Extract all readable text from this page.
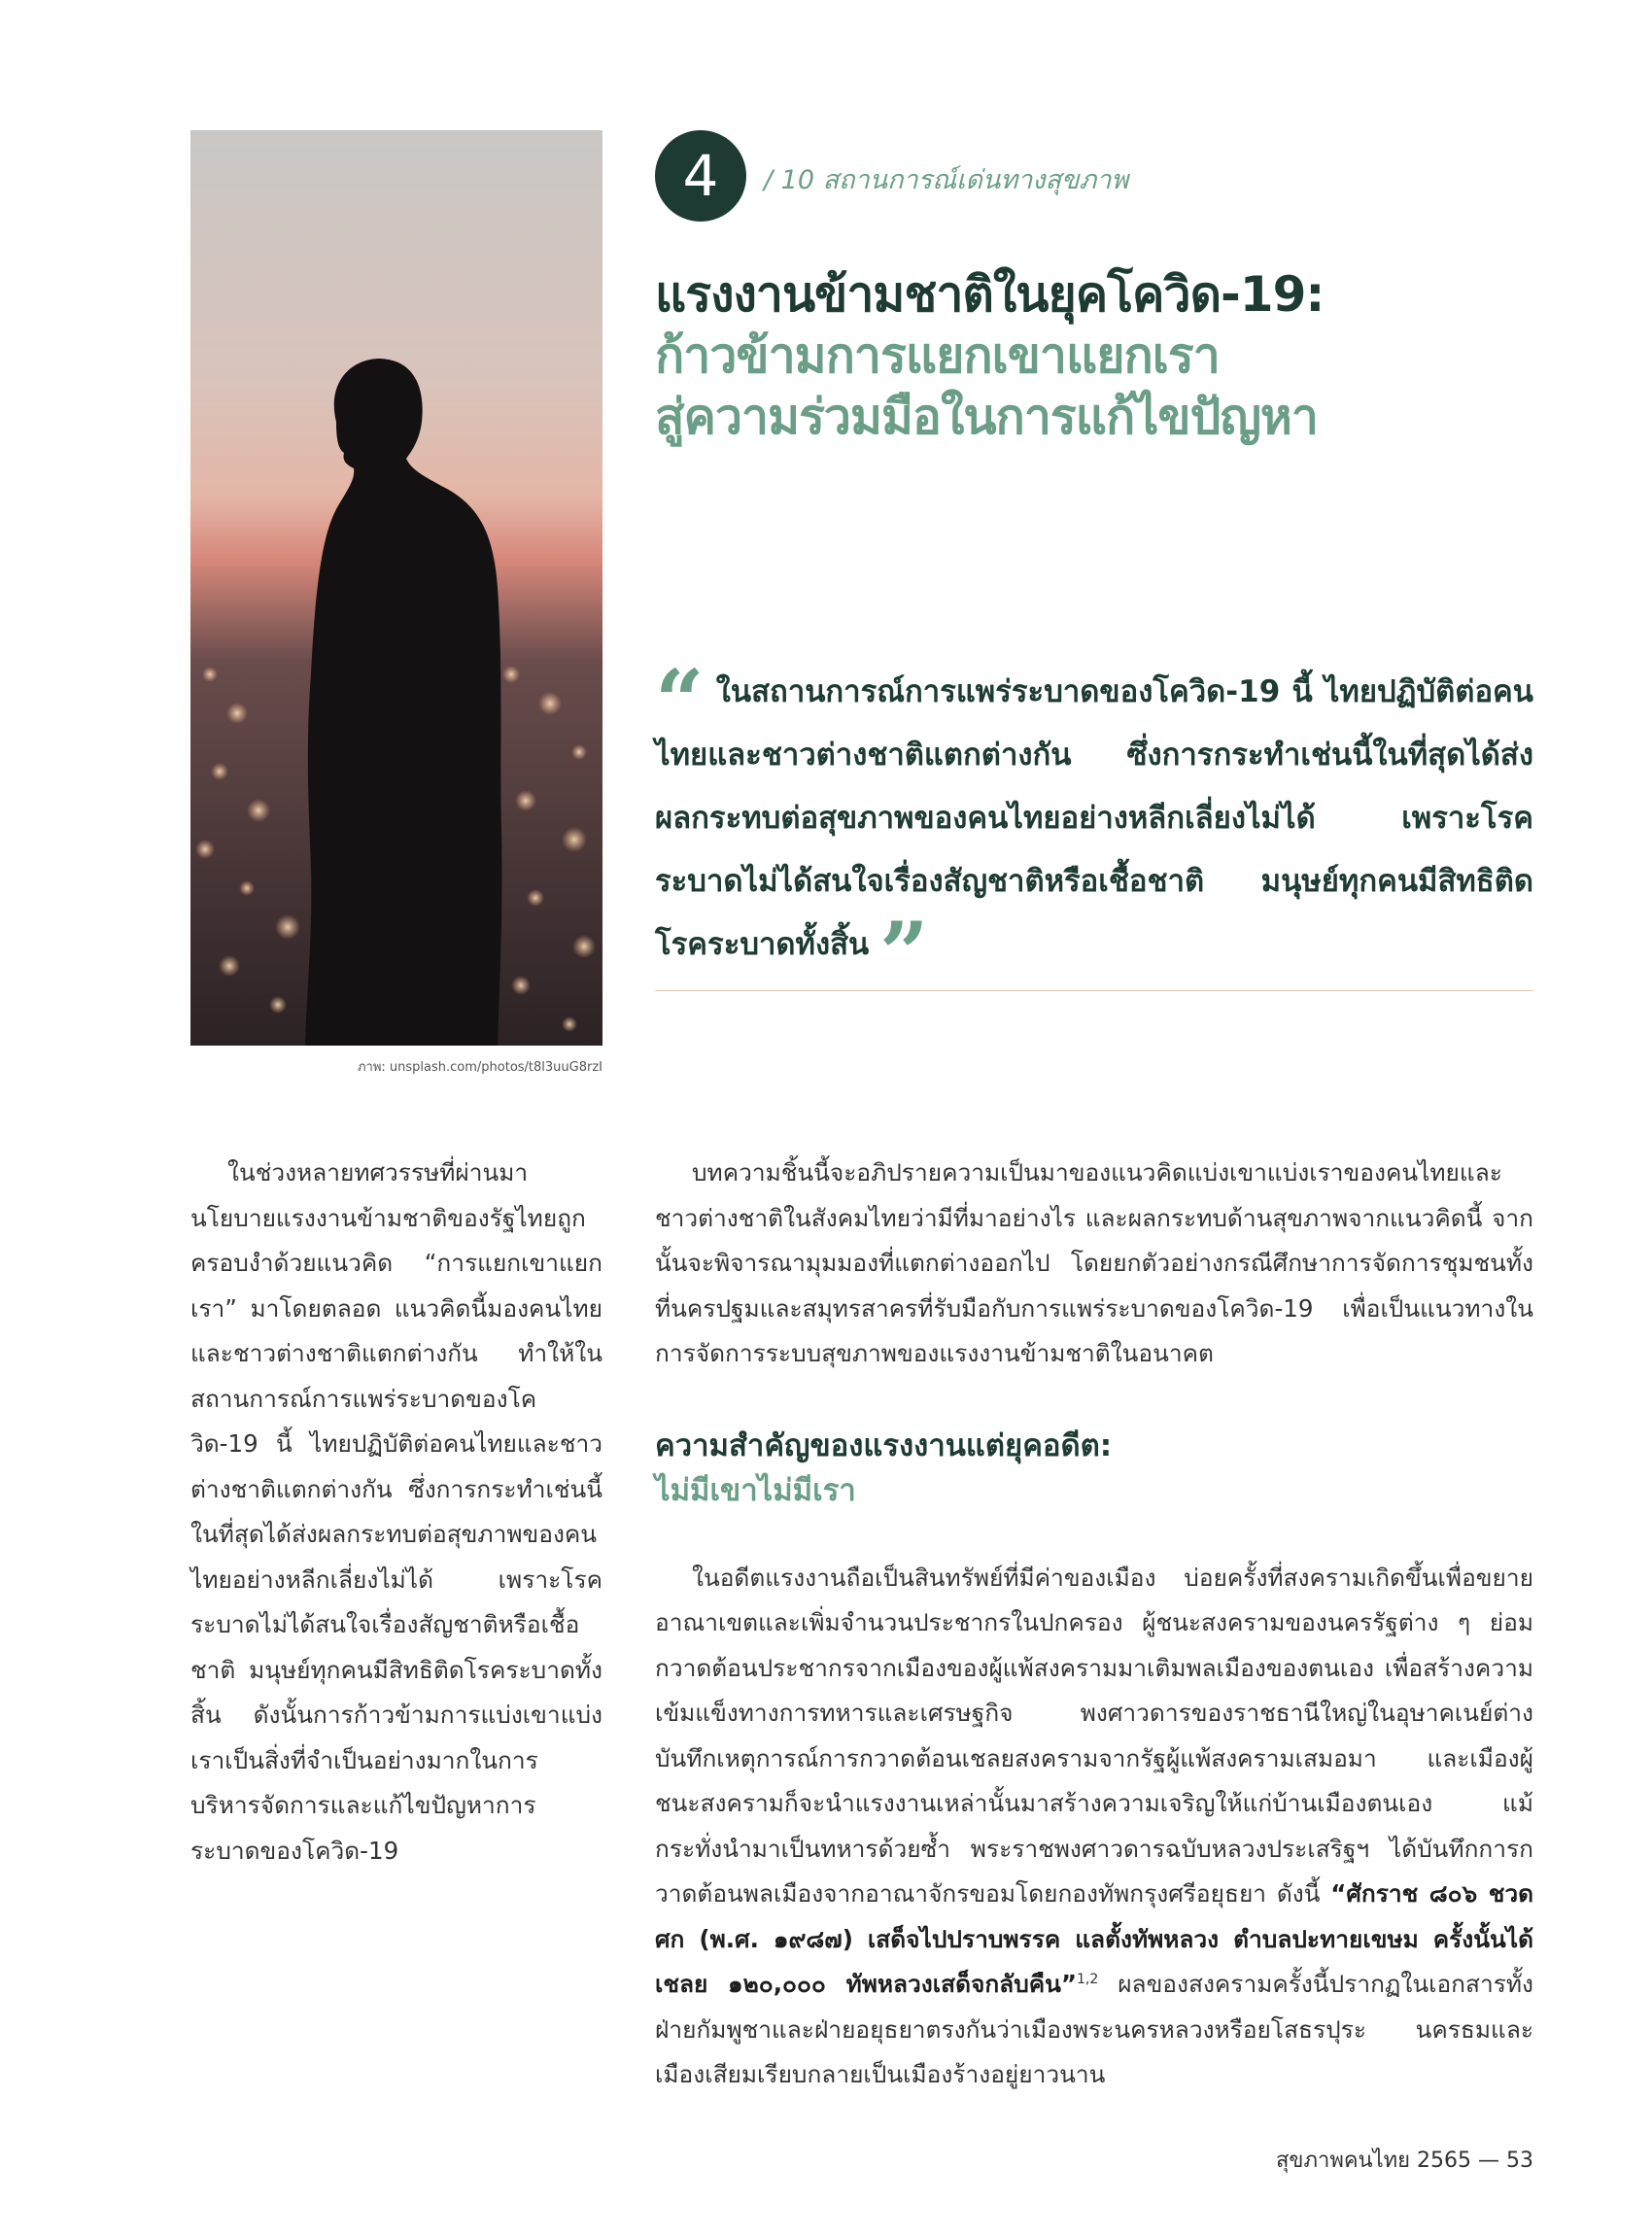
ภาพ: unsplash.com/photos/t8l3uuG8rzI
4	/ 10 สถานการณ์เด่นทางสุขภาพ
แรงงานข้ามชาติในยุคโควิด-19:
ก้าวข้ามการแยกเขาแยกเรา
สู่ความร่วมมือในการแก้ไขปัญหา
“ ในสถานการณ์การแพร่ระบาดของโควิด-19 นี้ ไทยปฏิบัติต่อคนไทยและชาวต่างชาติแตกต่างกัน ซึ่งการกระทำเช่นนี้ในที่สุดได้ส่งผลกระทบต่อสุขภาพของคนไทยอย่างหลีกเลี่ยงไม่ได้ เพราะโรคระบาดไม่ได้สนใจเรื่องสัญชาติหรือเชื้อชาติ มนุษย์ทุกคนมีสิทธิติดโรคระบาดทั้งสิ้น ”

ในช่วงหลายทศวรรษที่ผ่านมา นโยบายแรงงานข้ามชาติของรัฐไทยถูกครอบงำด้วยแนวคิด “การแยกเขาแยกเรา” มาโดยตลอด แนวคิดนี้มองคนไทยและชาวต่างชาติแตกต่างกัน ทำให้ในสถานการณ์การแพร่ระบาดของโควิด-19 นี้ ไทยปฏิบัติต่อคนไทยและชาวต่างชาติแตกต่างกัน ซึ่งการกระทำเช่นนี้ในที่สุดได้ส่งผลกระทบต่อสุขภาพของคนไทยอย่างหลีกเลี่ยงไม่ได้ เพราะโรคระบาดไม่ได้สนใจเรื่องสัญชาติหรือเชื้อชาติ มนุษย์ทุกคนมีสิทธิติดโรคระบาดทั้งสิ้น ดังนั้นการก้าวข้ามการแบ่งเขาแบ่งเราเป็นสิ่งที่จำเป็นอย่างมากในการบริหารจัดการและแก้ไขปัญหาการระบาดของโควิด-19

บทความชิ้นนี้จะอภิปรายความเป็นมาของแนวคิดแบ่งเขาแบ่งเราของคนไทยและชาวต่างชาติในสังคมไทยว่ามีที่มาอย่างไร และผลกระทบด้านสุขภาพจากแนวคิดนี้ จากนั้นจะพิจารณามุมมองที่แตกต่างออกไป โดยยกตัวอย่างกรณีศึกษาการจัดการชุมชนทั้งที่นครปฐมและสมุทรสาครที่รับมือกับการแพร่ระบาดของโควิด-19 เพื่อเป็นแนวทางในการจัดการระบบสุขภาพของแรงงานข้ามชาติในอนาคต

ความสำคัญของแรงงานแต่ยุคอดีต:
ไม่มีเขาไม่มีเรา

ในอดีตแรงงานถือเป็นสินทรัพย์ที่มีค่าของเมือง บ่อยครั้งที่สงครามเกิดขึ้นเพื่อขยายอาณาเขตและเพิ่มจำนวนประชากรในปกครอง ผู้ชนะสงครามของนครรัฐต่าง ๆ ย่อมกวาดต้อนประชากรจากเมืองของผู้แพ้สงครามมาเติมพลเมืองของตนเอง เพื่อสร้างความเข้มแข็งทางการทหารและเศรษฐกิจ พงศาวดารของราชธานีใหญ่ในอุษาคเนย์ต่างบันทึกเหตุการณ์การกวาดต้อนเชลยสงครามจากรัฐผู้แพ้สงครามเสมอมา และเมืองผู้ชนะสงครามก็จะนำแรงงานเหล่านั้นมาสร้างความเจริญให้แก่บ้านเมืองตนเอง แม้กระทั่งนำมาเป็นทหารด้วยซ้ำ พระราชพงศาวดารฉบับหลวงประเสริฐฯ ได้บันทึกการกวาดต้อนพลเมืองจากอาณาจักรขอมโดยกองทัพกรุงศรีอยุธยา ดังนี้ “ศักราช ๘๐๖ ชวดศก (พ.ศ. ๑๙๘๗) เสด็จไปปราบพรรค แลตั้งทัพหลวง ตำบลปะทายเขษม ครั้งนั้นได้เชลย ๑๒๐,๐๐๐ ทัพหลวงเสด็จกลับคืน”$^{1,2}$ ผลของสงครามครั้งนี้ปรากฏในเอกสารทั้งฝ่ายกัมพูชาและฝ่ายอยุธยาตรงกันว่าเมืองพระนครหลวงหรือยโสธรปุระ นครธมและเมืองเสียมเรียบกลายเป็นเมืองร้างอยู่ยาวนาน

สุขภาพคนไทย 2565 — 53
